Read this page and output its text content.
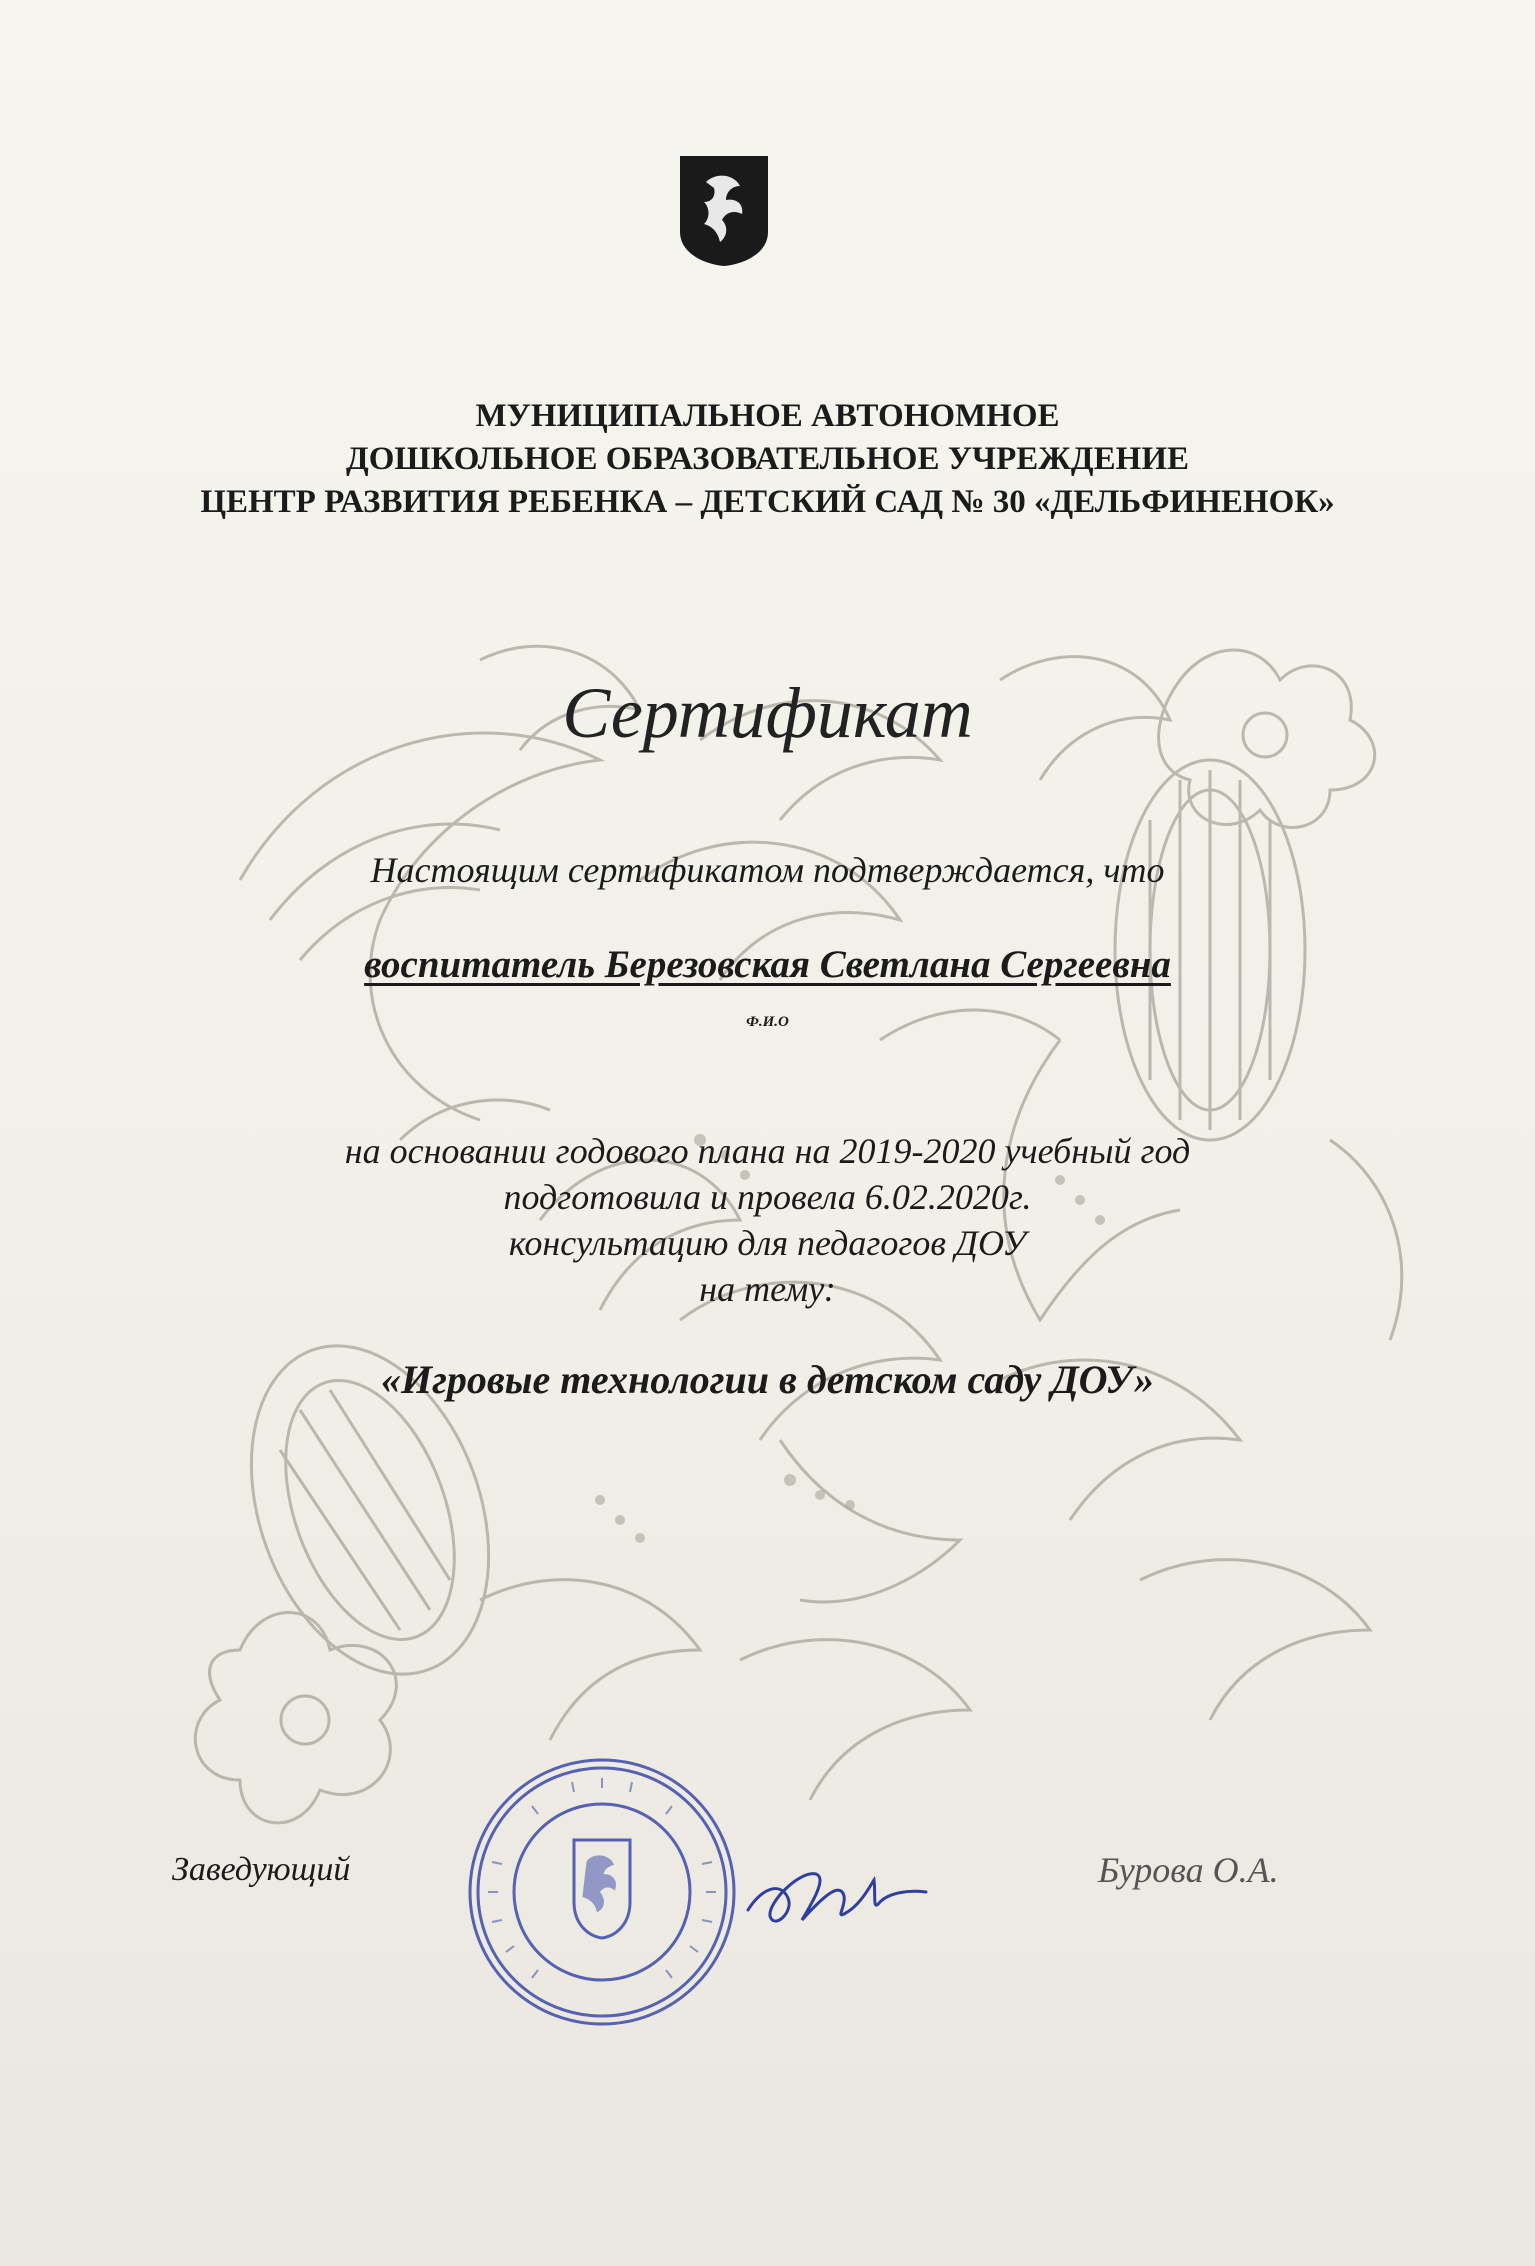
МУНИЦИПАЛЬНОЕ АВТОНОМНОЕ
ДОШКОЛЬНОЕ ОБРАЗОВАТЕЛЬНОЕ УЧРЕЖДЕНИЕ
ЦЕНТР РАЗВИТИЯ РЕБЕНКА – ДЕТСКИЙ САД № 30 «ДЕЛЬФИНЕНОК»
Сертификат
Настоящим сертификатом подтверждается, что
воспитатель Березовская Светлана Сергеевна
Ф.И.О
на основании годового плана на 2019-2020 учебный год
подготовила и провела 6.02.2020г.
консультацию для педагогов ДОУ
на тему:
«Игровые технологии в детском саду ДОУ»
Заведующий	Бурова О.А.
